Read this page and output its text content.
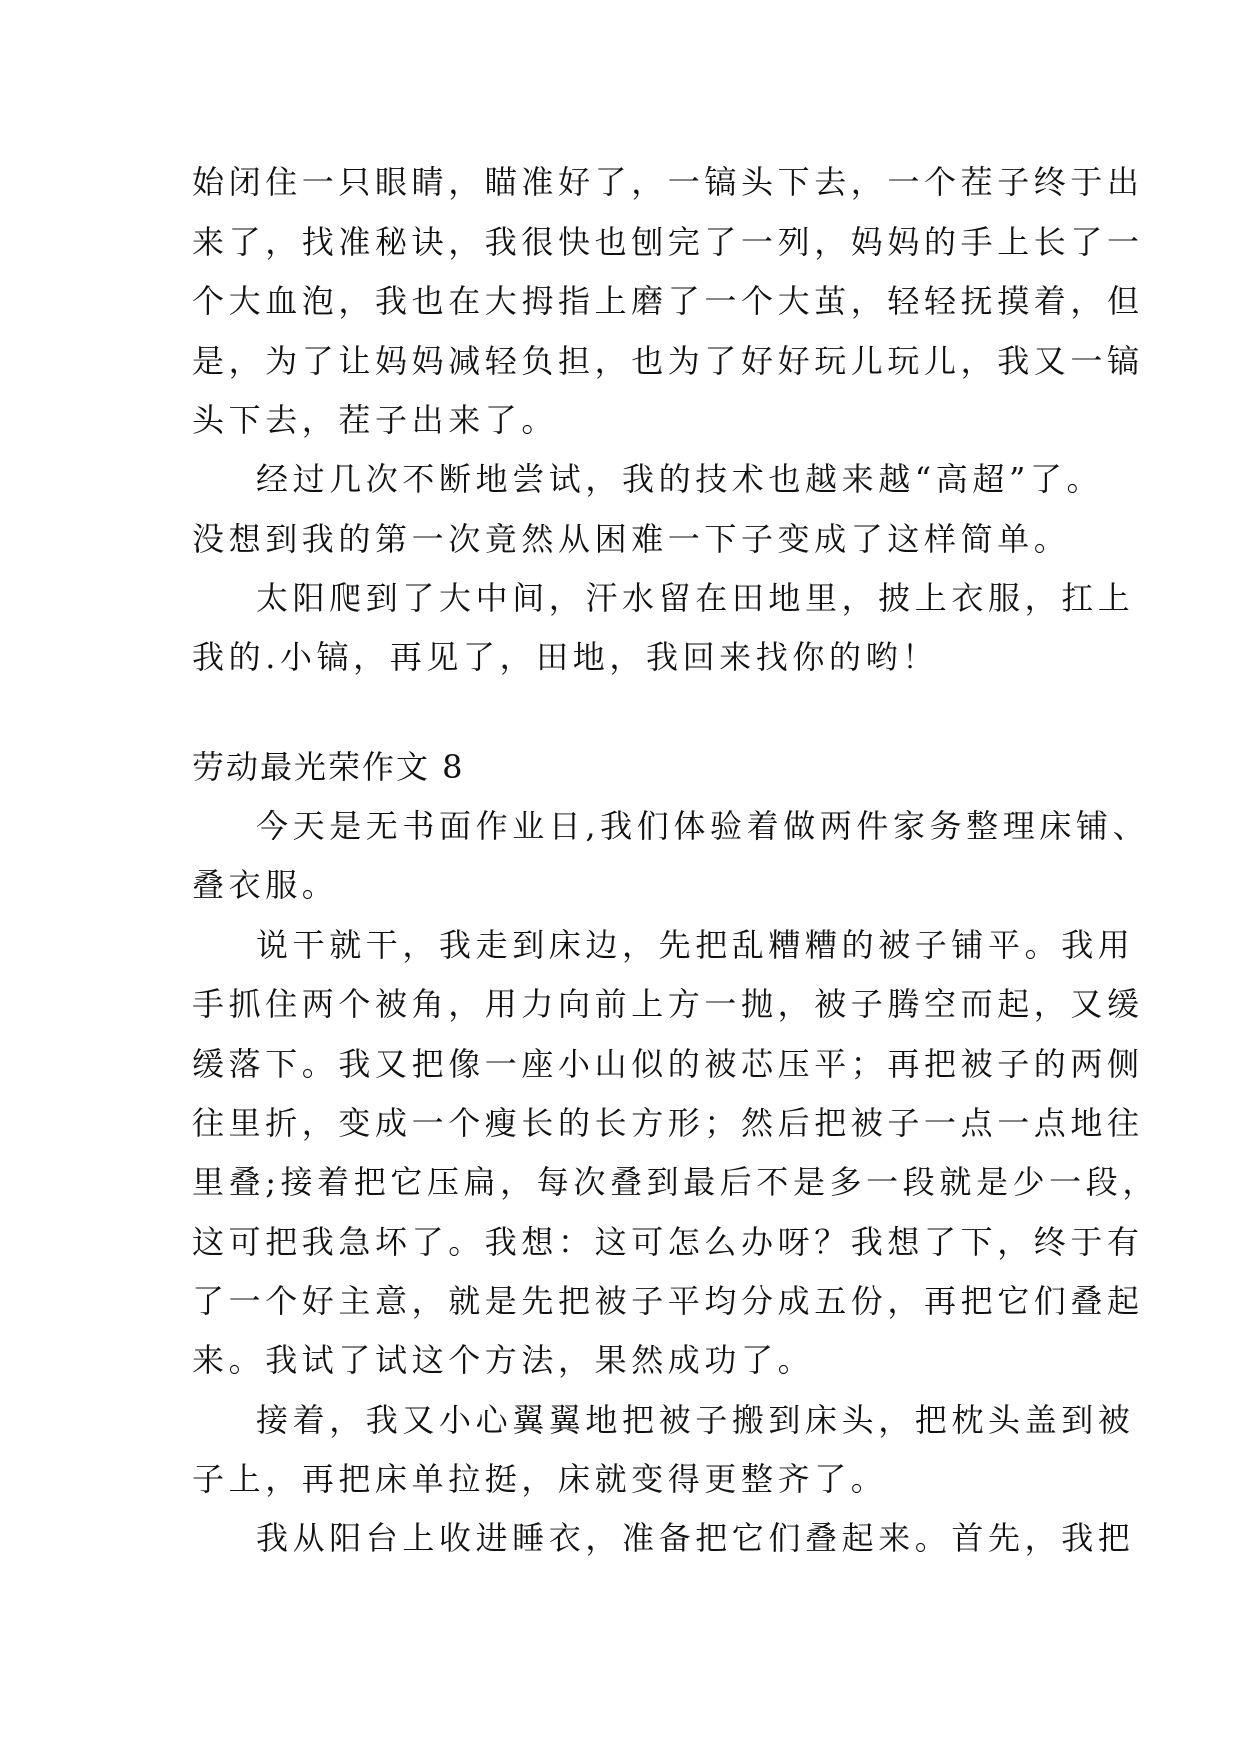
始闭住一只眼睛，瞄准好了，一镐头下去，一个茬子终于出
来了，找准秘诀，我很快也刨完了一列，妈妈的手上长了一
个大血泡，我也在大拇指上磨了一个大茧，轻轻抚摸着，但
是，为了让妈妈减轻负担，也为了好好玩儿玩儿，我又一镐
头下去，茬子出来了。
经过几次不断地尝试，我的技术也越来越“高超”了。
没想到我的第一次竟然从困难一下子变成了这样简单。
太阳爬到了大中间，汗水留在田地里，披上衣服，扛上
我的.小镐，再见了，田地，我回来找你的哟！
劳动最光荣作文 8
今天是无书面作业日,我们体验着做两件家务整理床铺、
叠衣服。
说干就干，我走到床边，先把乱糟糟的被子铺平。我用
手抓住两个被角，用力向前上方一抛，被子腾空而起，又缓
缓落下。我又把像一座小山似的被芯压平；再把被子的两侧
往里折，变成一个瘦长的长方形；然后把被子一点一点地往
里叠;接着把它压扁，每次叠到最后不是多一段就是少一段，
这可把我急坏了。我想：这可怎么办呀？我想了下，终于有
了一个好主意，就是先把被子平均分成五份，再把它们叠起
来。我试了试这个方法，果然成功了。
接着，我又小心翼翼地把被子搬到床头，把枕头盖到被
子上，再把床单拉挺，床就变得更整齐了。
我从阳台上收进睡衣，准备把它们叠起来。首先，我把
